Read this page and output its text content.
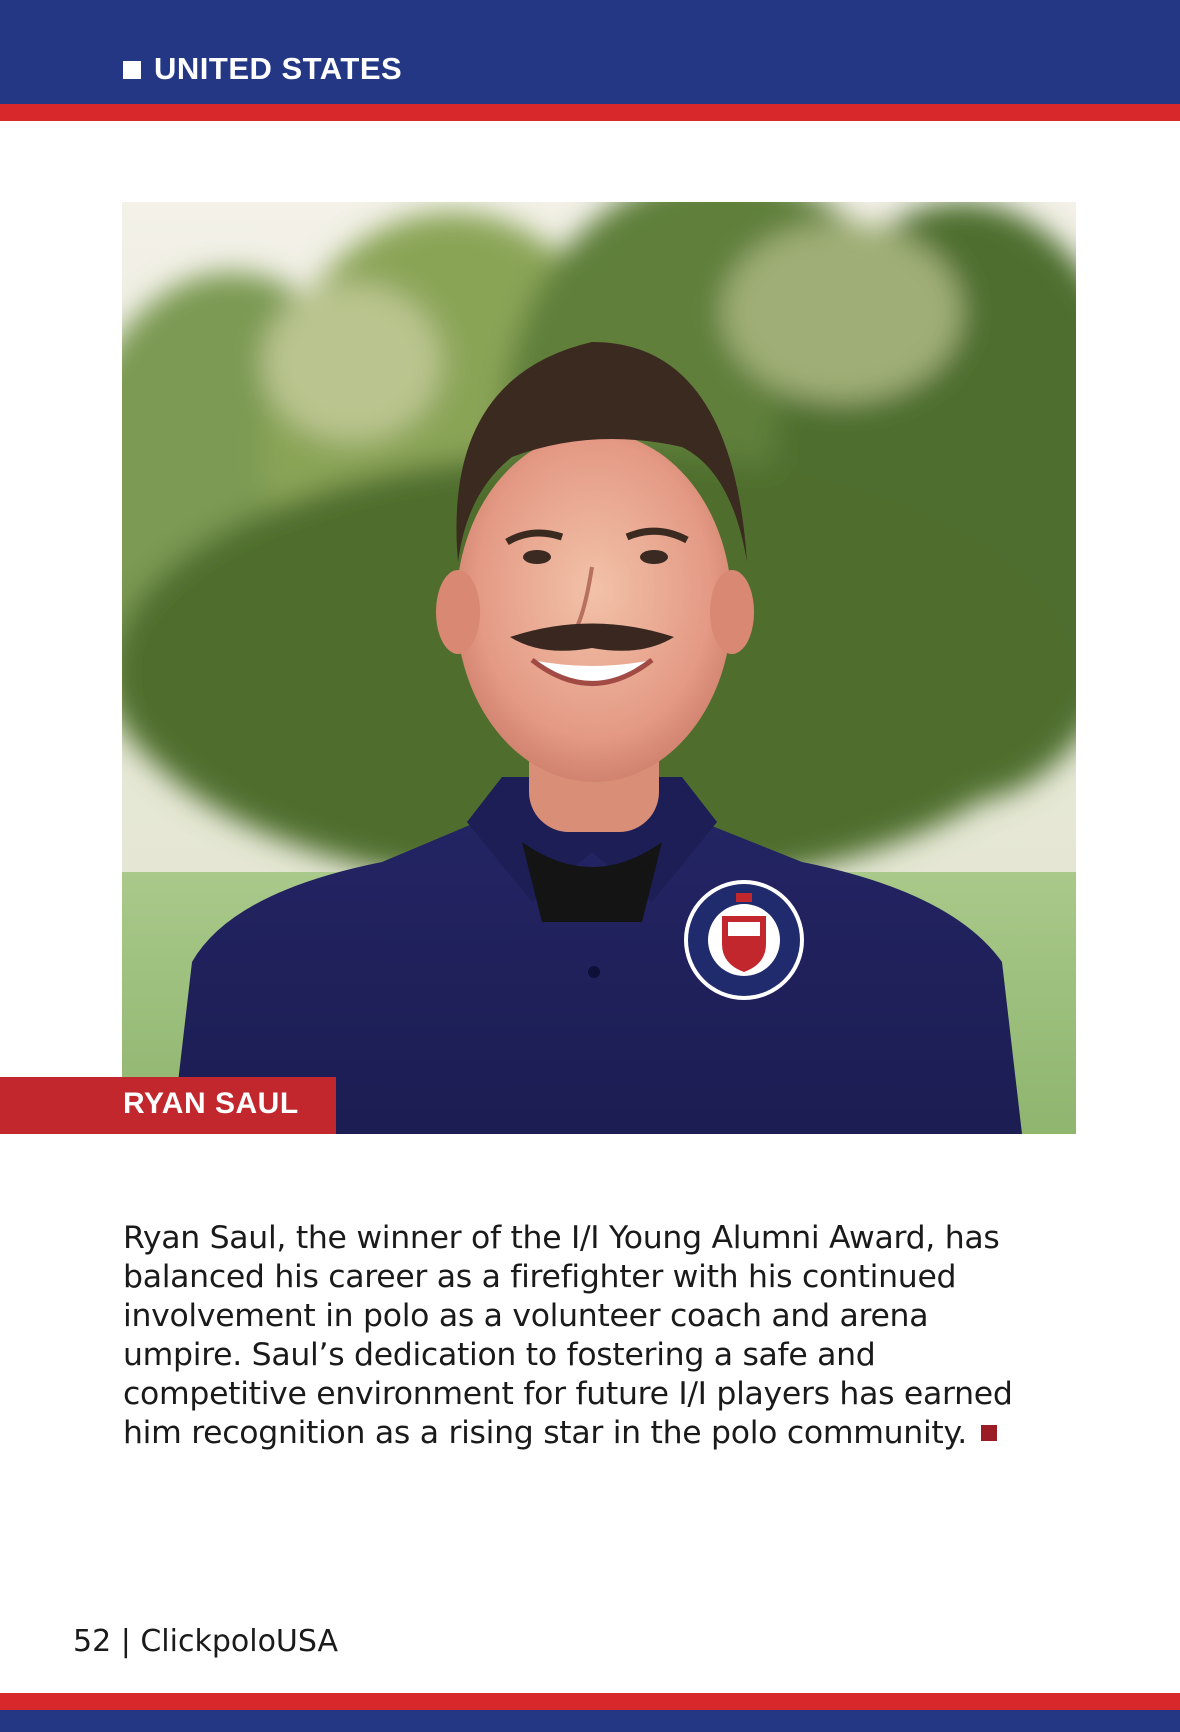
UNITED STATES
RYAN SAUL

Ryan Saul, the winner of the I/I Young Alumni Award, has balanced his career as a firefighter with his continued involvement in polo as a volunteer coach and arena umpire. Saul’s dedication to fostering a safe and competitive environment for future I/I players has earned him recognition as a rising star in the polo community.

52 | ClickpoloUSA
